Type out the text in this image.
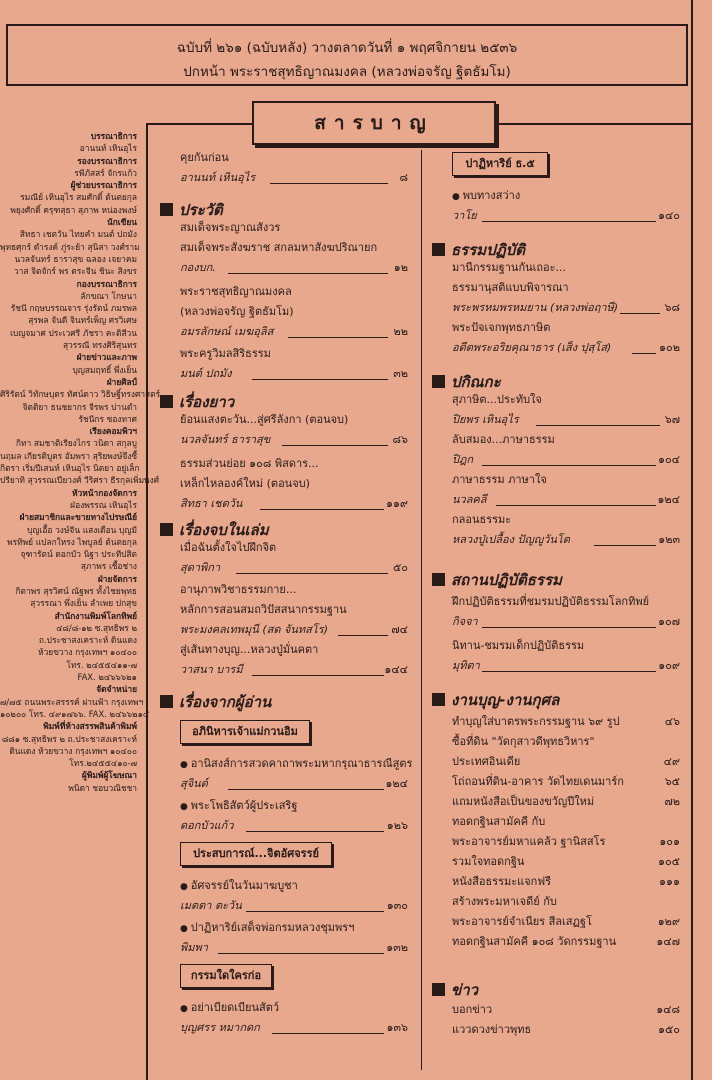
ฉบับที่ ๒๖๑ (ฉบับหลัง) วางตลาดวันที่ ๑ พฤศจิกายน ๒๕๓๖
ปกหน้า พระราชสุทธิญาณมงคล (หลวงพ่อจรัญ ฐิตธัมโม)
บรรณาธิการ
อานนท์ เหินอุไร
รองบรรณาธิการ
รพีภัสสร์ จักรแก้ว
ผู้ช่วยบรรณาธิการ
รมณีย์ เหินอุไร สมศักดิ์ ต้นตยกุล
พยุงศักดิ์ ครุฑสุธา สุภาพ หน่องพงษ์
นักเขียน
สิทธา เชตวัน ไทยคำ มนต์ ปถมัง
พุทธศุกร์ ดำรงค์ ภู่ระย้า สุนิสา วงศ์ราม
นวลจันทร์ ธาราสุข ฉลอง เจยาคม
วาส จิตจักร์ พร ตระจีน ชินะ สิงขร
กองบรรณาธิการ
ลักขณา โกษนา
รัชนี กฤษบรรณจาร รุ่งรัตน์ ภมรพล
สุรพล จันดี จินทร์เพ็ญ ศรวิเศษ
เบญจมาศ ประเวศรี ภัชรา คะติสีวน
สุวรรณี ทรงศิริสุนทร
ฝ่ายข่าวและภาพ
บุญสมฤทธิ์ พึ่งเย็น
ฝ่ายศิลป์
ศิริรัตน์ วิทักษบุตร ทัศน์ดาว วิธิษฐิ์ทรงศาสตร์
จิตติยา ธนชยากร จีรพร ปานดำ
รัชนีกร ซองทาศ
เรียงคอมพิวฯ
กิทา สมชาติเรียงไกร วนิดา สกุลบู
นฤมล เกียรติบูตร อัมพรา สุริยพงษ์จึงซื้
กิตรา เริ่มปีเสนห์ เหินอุไร นิตยา อยู่เล็ก
ปรียาทิ สุวรรณเปียวงศ์ วีริศรา ธีรกุลเพิ่มพงศ์
หัวหน้ากองจัดการ
ฝ่องพรรณ เหินอุไร
ฝ่ายสมาชิกและขายทางไปรษณีย์
บุญเอื้อ วงษ์จีน แสงเดือน บุญมี
พรทิพย์ แปลกใหรง ไพบูลย์ ต้นตยกุล
จุฑารัตน์ ดอกบัว นิฐา ประทีปสิต
สุภาพร เชื้อช่าง
ฝ่ายจัดการ
กิตาพร สุรวิศน์ ณัฐพร ทั้งไชยพุทธ
สุวรรณา พึ่งเย็น ลำเพย ปกสุข
สำนักงานพิมพ์โลกทิพย์
๔๘/๘-๑๒ ซ.สุทธิพร ๒
ถ.ประชาสงเคราะห์ ดินแดง
ห้วยขวาง กรุงเทพฯ ๑๐๔๐๐
โทร. ๒๔๕๕๔๑๑-๗
FAX. ๒๔๖๖๖๒๑
จัดจำหน่าย
๗/๗๕ ถนนพระสรรรค์ ผ่านฟ้า กรุงเทพฯ
๑๐๒๐๐ โทร. ๔๙๑๗๖๖. FAX. ๒๔๖๖๒๑๔
พิมพ์ที่ห้างสรรพสินค้าพิมพ์
๘๘๑ ซ.สุทธิพร ๒ ถ.ประชาสงเคราะห์
ดินแดง ห้วยขวาง กรุงเทพฯ ๑๐๔๐๐
โทร.๒๔๕๕๔๑๐-๗
ผู้พิมพ์ผู้โฆษณา
พนิดา ชอบวณิชชา
สารบาญ
คุยกันก่อน
อานนท์ เหินอุไร	๘
ประวัติ
สมเด็จพระญาณสังวร
สมเด็จพระสังฆราช สกลมหาสังฆปริณายก
กองบก.	๑๒
พระราชสุทธิญาณมงคล
(หลวงพ่อจรัญ ฐิตธัมโม)
อมรลักษณ์ เมฆอุลิส	๒๒
พระครูวิมลสิริธรรม
มนต์ ปถมัง	๓๒
เรื่องยาว
ย้อนแสงตะวัน...สู่ศรีลังกา (ตอนจบ)
นวลจันทร์ ธาราสุข	๘๖
ธรรมส่วนย่อย ๑๐๘ พิสดาร...
เหล็กไหลองค์ใหม่ (ตอนจบ)
สิทธา เชตวัน	๑๑๙
เรื่องจบในเล่ม
เมื่อฉันตั้งใจไปฝึกจิต
สุดาพิกา	๕๐
อานุภาพวิชาธรรมกาย...
หลักการสอนสมถวิปัสสนากรรมฐาน
พระมงคลเทพมุนี (สด จันทสโร)	๗๔
สู่เส้นทางบุญ...หลวงปู่มั่นคตา
วาสนา บารมี	๑๔๔
เรื่องจากผู้อ่าน
อภินิหารเจ้าแม่กวนอิม
● อานิสงส์การสวดคาถาพระมหากรุณาธารณีสูตร
สุจินต์	๑๒๔
● พระโพธิสัตว์ผู้ประเสริฐ
ดอกบัวแก้ว	๑๒๖
ประสบการณ์...จิตอัศจรรย์
● อัศจรรย์ในวันมาฆบูชา
เมตตา ตะวัน	๑๓๐
● ปาฏิหาริย์เสด็จพ่อกรมหลวงชุมพรฯ
พิมพา	๑๓๒
กรรมใดใครก่อ
● อย่าเบียดเบียนสัตว์
บุญศรร หมากดก	๑๓๖
ปาฏิหาริย์ ธ.๕
● พบทางสว่าง
วาโย	๑๔๐
ธรรมปฏิบัติ
มานีกรรมฐานกันเถอะ...
ธรรมานุสติแบบพิจารณา
พระพรหมพรหมยาน (หลวงพ่อฤาษี)	๖๘
พระปัจเจกพุทธภาษิต
อดีตพระอริยคุณาธาร (เส็ง ปุสฺโส)	๑๐๒
ปกิณกะ
สุภาษิต...ประทับใจ
ปิยพร เหินอุไร	๖๗
ลับสมอง...ภาษาธรรม
ปิฎก	๑๐๔
ภาษาธรรม ภาษาใจ
นวลคลี	๑๒๔
กลอนธรรมะ
หลวงปู่เปลื้อง ปัญญูวันโต	๑๒๓
สถานปฏิบัติธรรม
ฝึกปฏิบัติธรรมที่ชมรมปฏิบัติธรรมโลกทิพย์
กิจจา	๑๐๗
นิทาน-ชมรมเด็กปฏิบัติธรรม
มุทิตา	๑๐๙
งานบุญ-งานกุศล
ทำบุญใส่บาตรพระกรรมฐาน ๖๙ รูป	๔๖
ซื้อที่ดิน "วัดกุสาวดีพุทธวิหาร"
ประเทศอินเดีย	๔๙
โถ่ถอนที่ดิน-อาคาร วัดไทยเดนมาร์ก	๖๕
แถมหนังสือเป็นของขวัญปีใหม่	๗๒
ทอดกฐินสามัคคี กับ
พระอาจารย์มหาแคล้ว ฐานิสสโร	๑๐๑
รวมใจทอดกฐิน	๑๐๕
หนังสือธรรมะแจกฟรี	๑๑๑
สร้างพระมหาเจดีย์ กับ
พระอาจารย์จำเนียร สีลเสฏฐโ	๑๒๙
ทอดกฐินสามัคคี ๑๐๘ วัดกรรมฐาน	๑๔๗
ข่าว
บอกข่าว	๑๔๘
แววดวงข่าวพุทธ	๑๕๐
